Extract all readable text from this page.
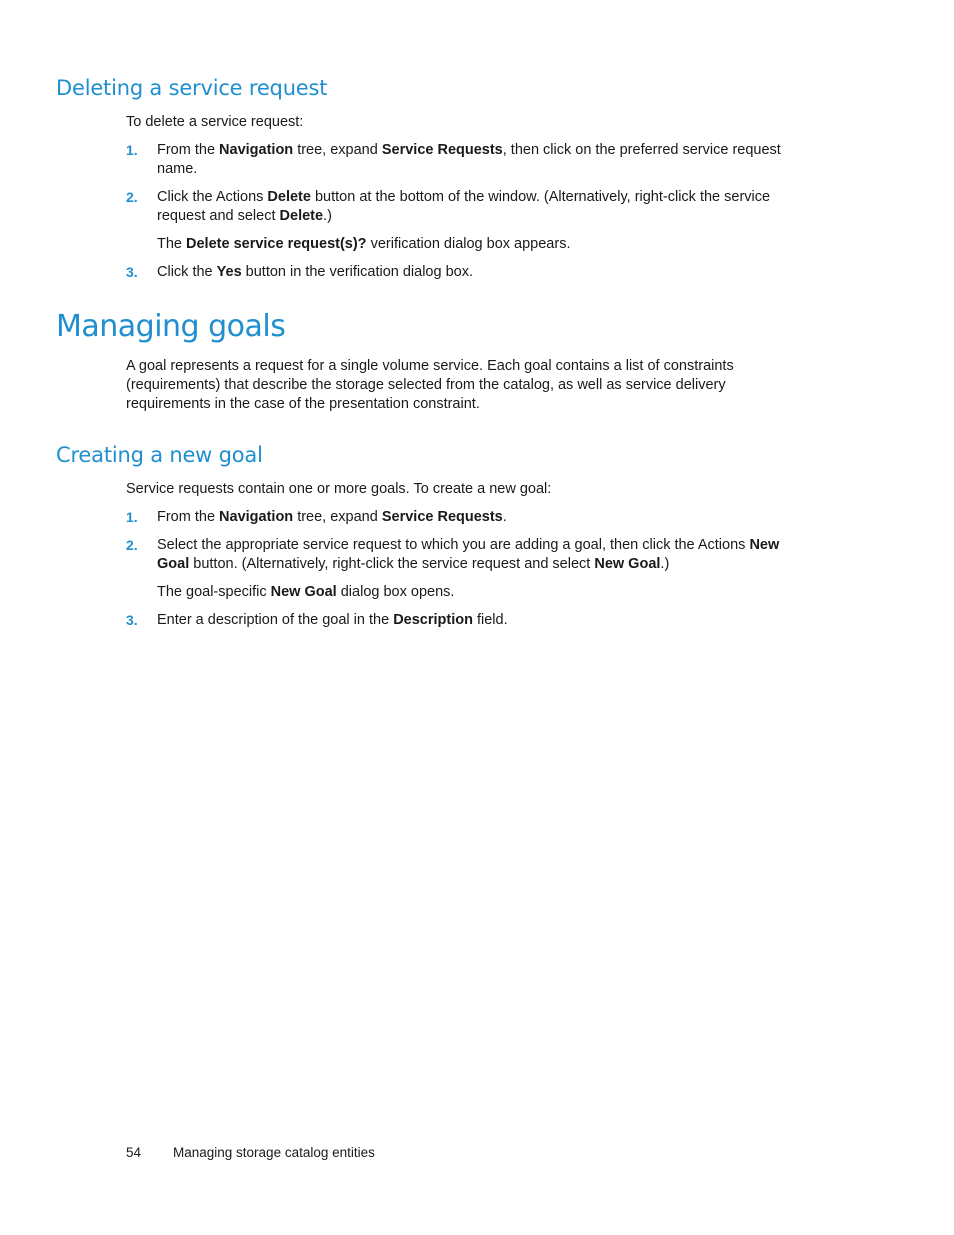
Deleting a service request

To delete a service request:

1. From the Navigation tree, expand Service Requests, then click on the preferred service request name.
2. Click the Actions Delete button at the bottom of the window. (Alternatively, right-click the service request and select Delete.)
The Delete service request(s)? verification dialog box appears.
3. Click the Yes button in the verification dialog box.
Managing goals

A goal represents a request for a single volume service. Each goal contains a list of constraints (requirements) that describe the storage selected from the catalog, as well as service delivery requirements in the case of the presentation constraint.

Creating a new goal

Service requests contain one or more goals. To create a new goal:

1. From the Navigation tree, expand Service Requests.
2. Select the appropriate service request to which you are adding a goal, then click the Actions New Goal button. (Alternatively, right-click the service request and select New Goal.)
The goal-specific New Goal dialog box opens.
3. Enter a description of the goal in the Description field.
54 Managing storage catalog entities
